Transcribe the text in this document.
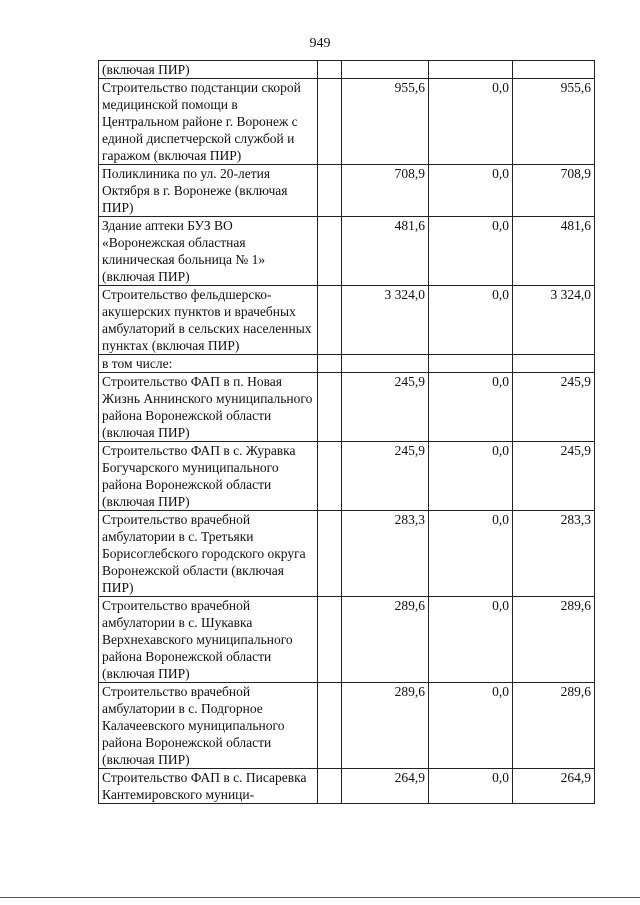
949
(включая ПИР)				
Строительство подстанции скорой медицинской помощи в Центральном районе г. Воронеж с единой диспетчерской службой и гаражом (включая ПИР)		955,6	0,0	955,6
Поликлиника по ул. 20-летия Октября в г. Воронеже (включая ПИР)		708,9	0,0	708,9
Здание аптеки БУЗ ВО «Воронежская областная клиническая больница № 1» (включая ПИР)		481,6	0,0	481,6
Строительство фельдшерско-акушерских пунктов и врачебных амбулаторий в сельских населенных пунктах (включая ПИР)		3 324,0	0,0	3 324,0
в том числе:				
Строительство ФАП в п. Новая Жизнь Аннинского муниципального района Воронежской области (включая ПИР)		245,9	0,0	245,9
Строительство ФАП в с. Журавка Богучарского муниципального района Воронежской области (включая ПИР)		245,9	0,0	245,9
Строительство врачебной амбулатории в с. Третьяки Борисоглебского городского округа Воронежской области (включая ПИР)		283,3	0,0	283,3
Строительство врачебной амбулатории в с. Шукавка Верхнехавского муниципального района Воронежской области (включая ПИР)		289,6	0,0	289,6
Строительство врачебной амбулатории в с. Подгорное Калачеевского муниципального района Воронежской области (включая ПИР)		289,6	0,0	289,6
Строительство ФАП в с. Писаревка Кантемировского муници-		264,9	0,0	264,9
